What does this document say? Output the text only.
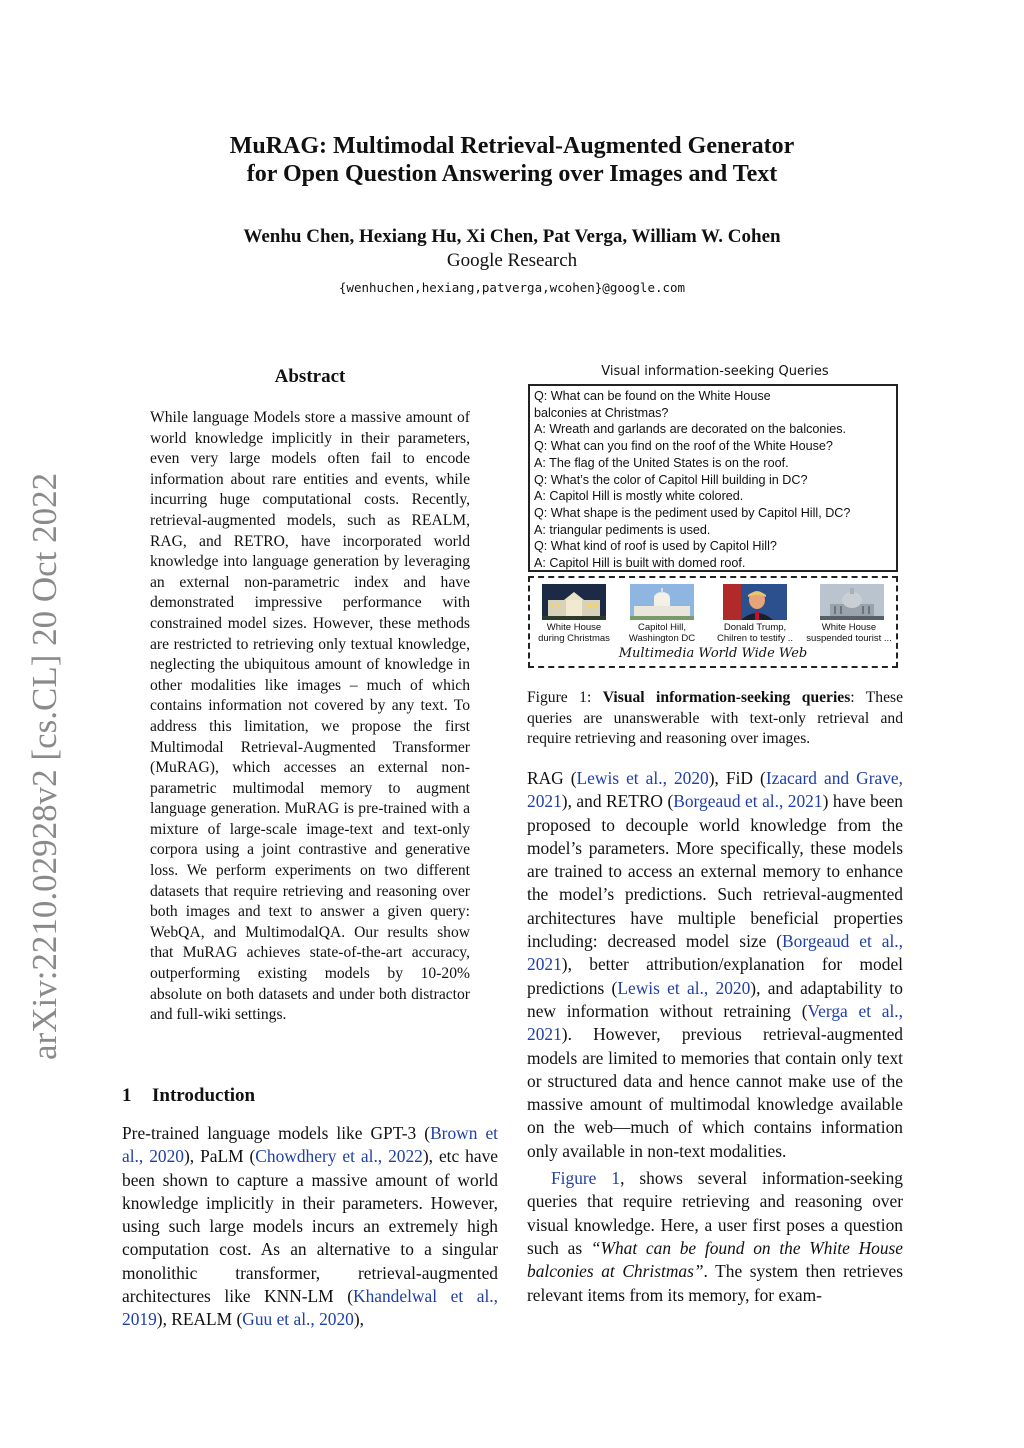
arXiv:2210.02928v2 [cs.CL] 20 Oct 2022
MuRAG: Multimodal Retrieval-Augmented Generator
for Open Question Answering over Images and Text
Wenhu Chen, Hexiang Hu, Xi Chen, Pat Verga, William W. Cohen
Google Research
{wenhuchen,hexiang,patverga,wcohen}@google.com
Abstract
While language Models store a massive amount of world knowledge implicitly in their parameters, even very large models often fail to encode information about rare entities and events, while incurring huge computational costs. Recently, retrieval-augmented models, such as REALM, RAG, and RETRO, have incorporated world knowledge into language generation by leveraging an external non-parametric index and have demonstrated impressive performance with constrained model sizes. However, these methods are restricted to retrieving only textual knowledge, neglecting the ubiquitous amount of knowledge in other modalities like images – much of which contains information not covered by any text. To address this limitation, we propose the first Multimodal Retrieval-Augmented Transformer (MuRAG), which accesses an external non-parametric multimodal memory to augment language generation. MuRAG is pre-trained with a mixture of large-scale image-text and text-only corpora using a joint contrastive and generative loss. We perform experiments on two different datasets that require retrieving and reasoning over both images and text to answer a given query: WebQA, and MultimodalQA. Our results show that MuRAG achieves state-of-the-art accuracy, outperforming existing models by 10-20% absolute on both datasets and under both distractor and full-wiki settings.
1 Introduction
Pre-trained language models like GPT-3 (Brown et al., 2020), PaLM (Chowdhery et al., 2022), etc have been shown to capture a massive amount of world knowledge implicitly in their parameters. However, using such large models incurs an extremely high computation cost. As an alternative to a singular monolithic transformer, retrieval-augmented architectures like KNN-LM (Khandelwal et al., 2019), REALM (Guu et al., 2020),
Visual information-seeking Queries
Q: What can be found on the White House
balconies at Christmas?
A: Wreath and garlands are decorated on the balconies.
Q: What can you find on the roof of the White House?
A: The flag of the United States is on the roof.
Q: What’s the color of Capitol Hill building in DC?
A: Capitol Hill is mostly white colored.
Q: What shape is the pediment used by Capitol Hill, DC?
A: triangular pediments is used.
Q: What kind of roof is used by Capitol Hill?
A: Capitol Hill is built with domed roof.
White House
during Christmas
Capitol Hill,
Washington DC
Donald Trump,
Chilren to testify ..
White House
suspended tourist ...
Multimedia World Wide Web
Figure 1: Visual information-seeking queries: These queries are unanswerable with text-only retrieval and require retrieving and reasoning over images.

RAG (Lewis et al., 2020), FiD (Izacard and Grave, 2021), and RETRO (Borgeaud et al., 2021) have been proposed to decouple world knowledge from the model’s parameters. More specifically, these models are trained to access an external memory to enhance the model’s predictions. Such retrieval-augmented architectures have multiple beneficial properties including: decreased model size (Borgeaud et al., 2021), better attribution/explanation for model predictions (Lewis et al., 2020), and adaptability to new information without retraining (Verga et al., 2021). However, previous retrieval-augmented models are limited to memories that contain only text or structured data and hence cannot make use of the massive amount of multimodal knowledge available on the web—much of which contains information only available in non-text modalities.

Figure 1, shows several information-seeking queries that require retrieving and reasoning over visual knowledge. Here, a user first poses a question such as “What can be found on the White House balconies at Christmas”. The system then retrieves relevant items from its memory, for exam-
